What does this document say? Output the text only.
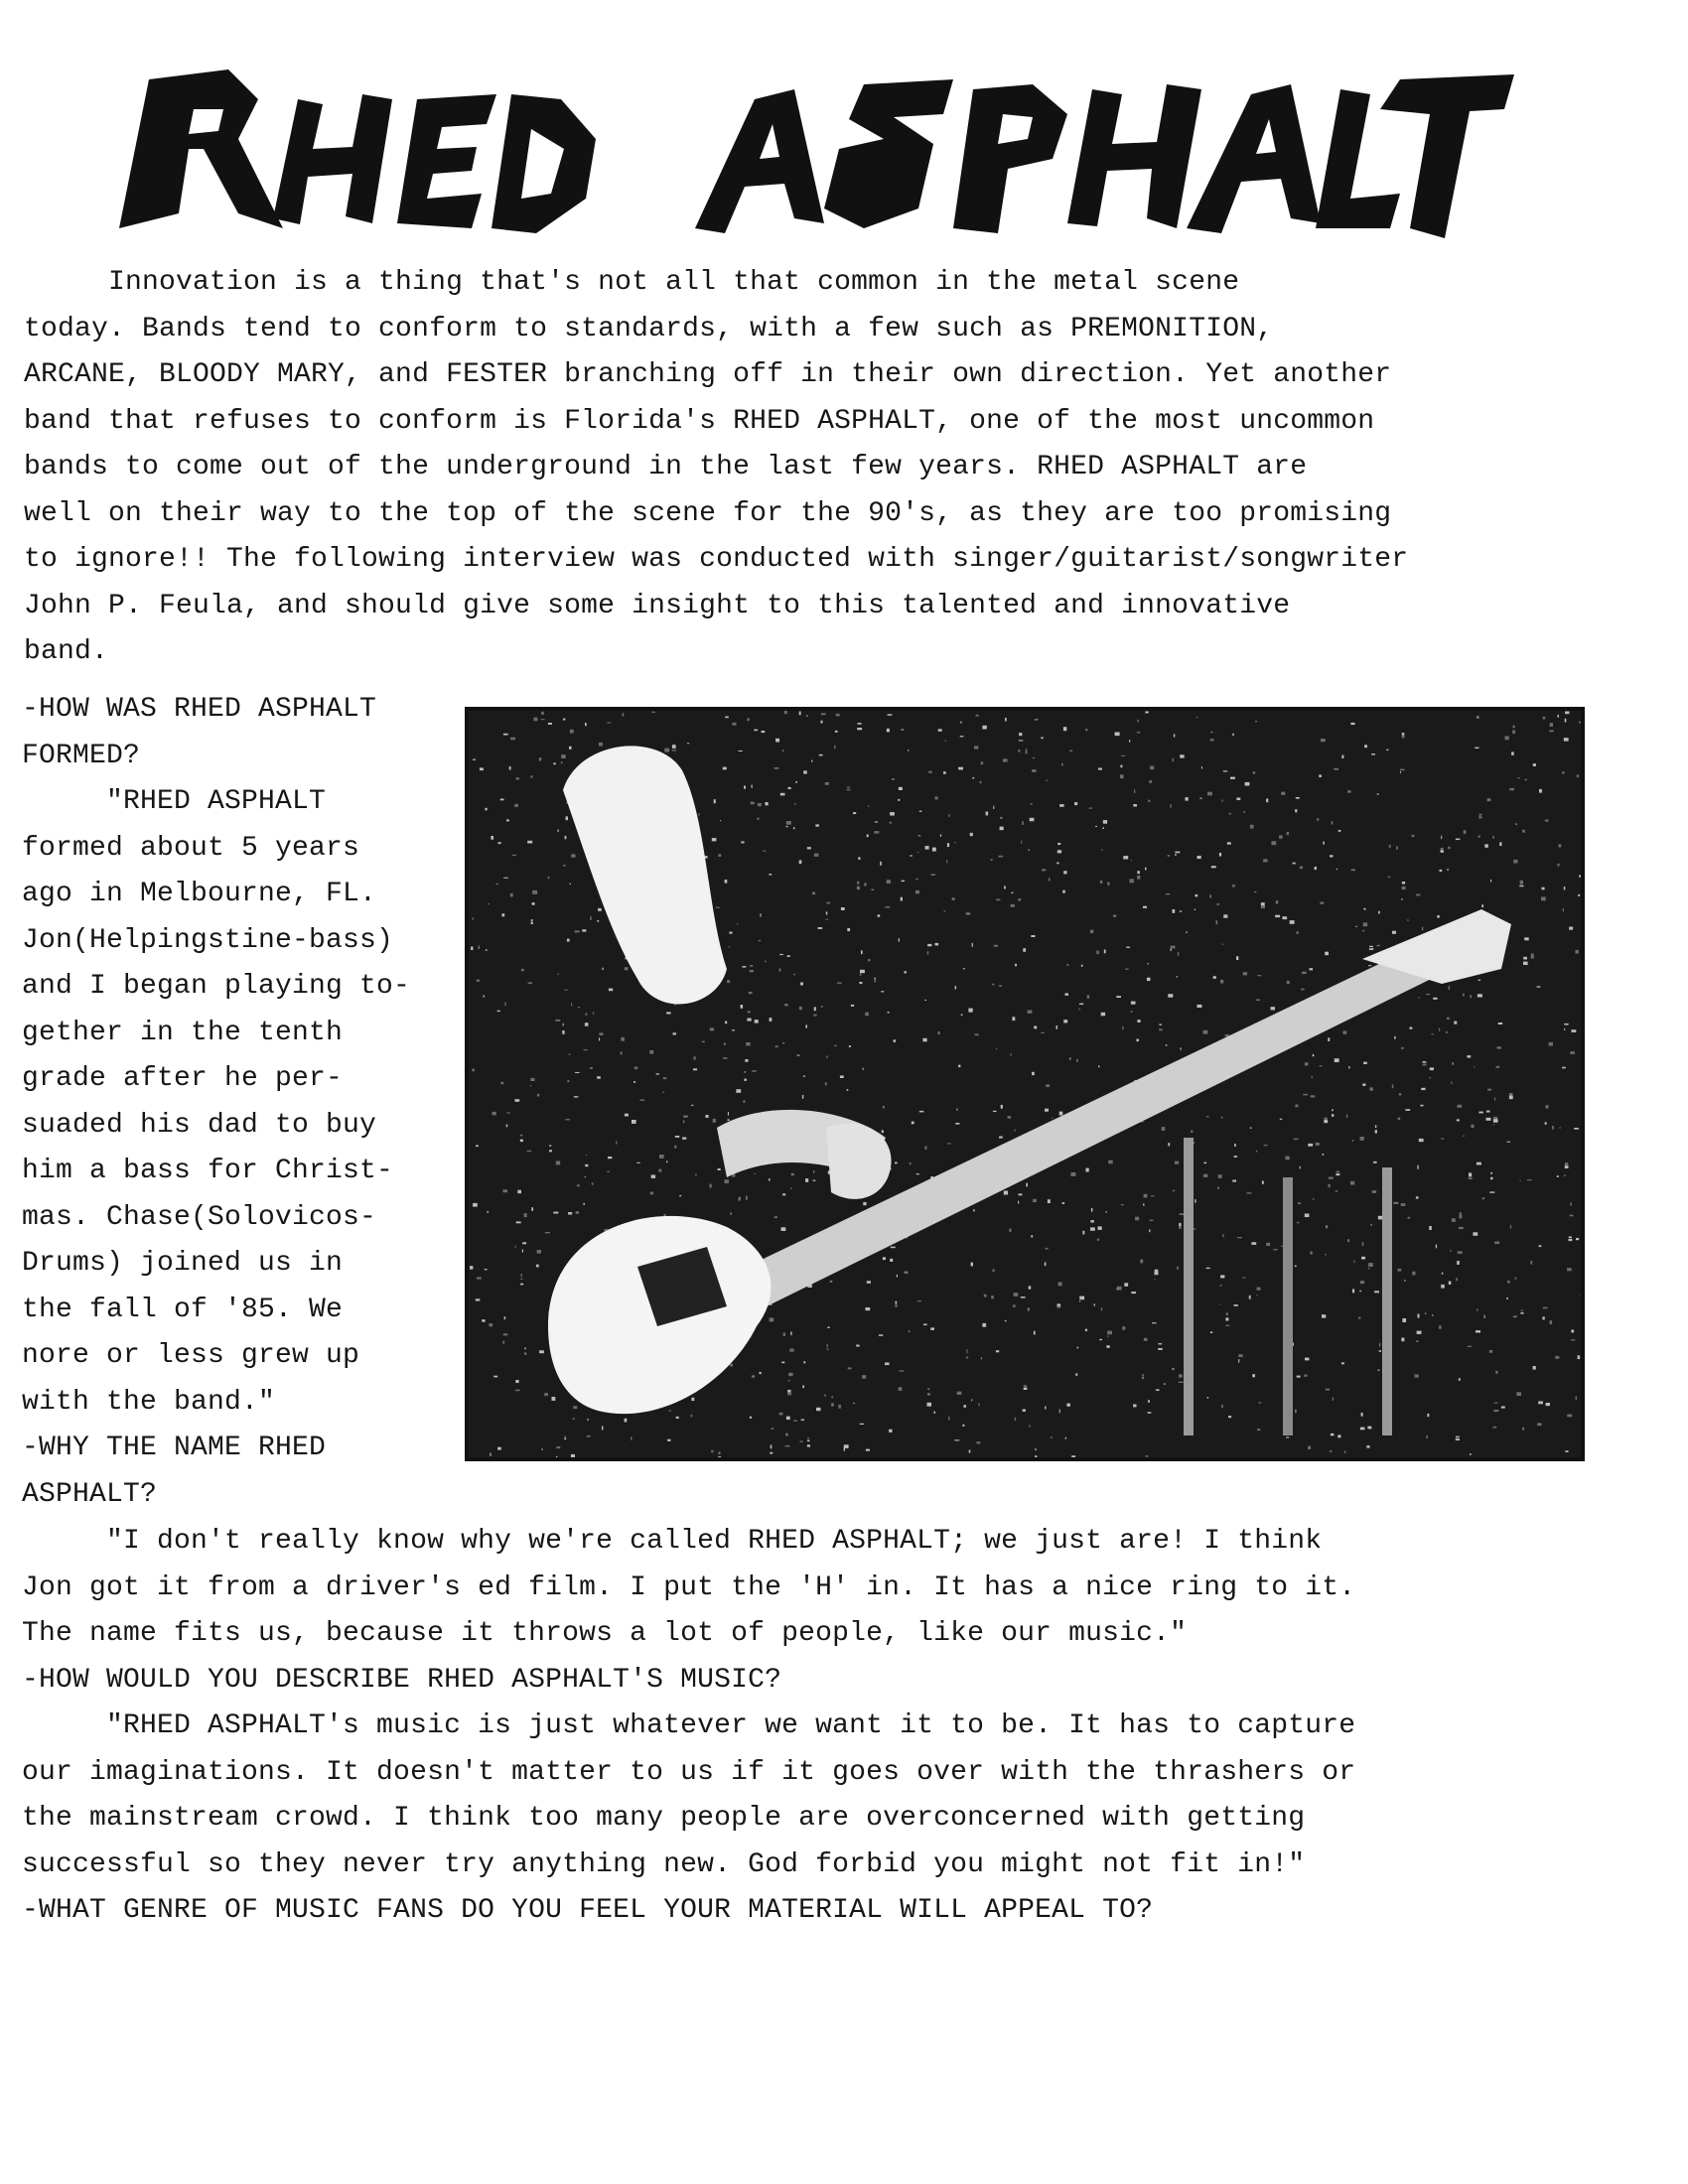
Innovation is a thing that's not all that common in the metal scene
today. Bands tend to conform to standards, with a few such as PREMONITION,
ARCANE, BLOODY MARY, and FESTER branching off in their own direction. Yet another
band that refuses to conform is Florida's RHED ASPHALT, one of the most uncommon
bands to come out of the underground in the last few years. RHED ASPHALT are
well on their way to the top of the scene for the 90's, as they are too promising
to ignore!! The following interview was conducted with singer/guitarist/songwriter
John P. Feula, and should give some insight to this talented and innovative
band.
-HOW WAS RHED ASPHALT
FORMED?
"RHED ASPHALT
formed about 5 years
ago in Melbourne, FL.
Jon(Helpingstine-bass)
and I began playing to-
gether in the tenth
grade after he per-
suaded his dad to buy
him a bass for Christ-
mas. Chase(Solovicos-
Drums) joined us in
the fall of '85. We
nore or less grew up
with the band."
-WHY THE NAME RHED
ASPHALT?
"I don't really know why we're called RHED ASPHALT; we just are! I think
Jon got it from a driver's ed film. I put the 'H' in. It has a nice ring to it.
The name fits us, because it throws a lot of people, like our music."
-HOW WOULD YOU DESCRIBE RHED ASPHALT'S MUSIC?
"RHED ASPHALT's music is just whatever we want it to be. It has to capture
our imaginations. It doesn't matter to us if it goes over with the thrashers or
the mainstream crowd. I think too many people are overconcerned with getting
successful so they never try anything new. God forbid you might not fit in!"
-WHAT GENRE OF MUSIC FANS DO YOU FEEL YOUR MATERIAL WILL APPEAL TO?
